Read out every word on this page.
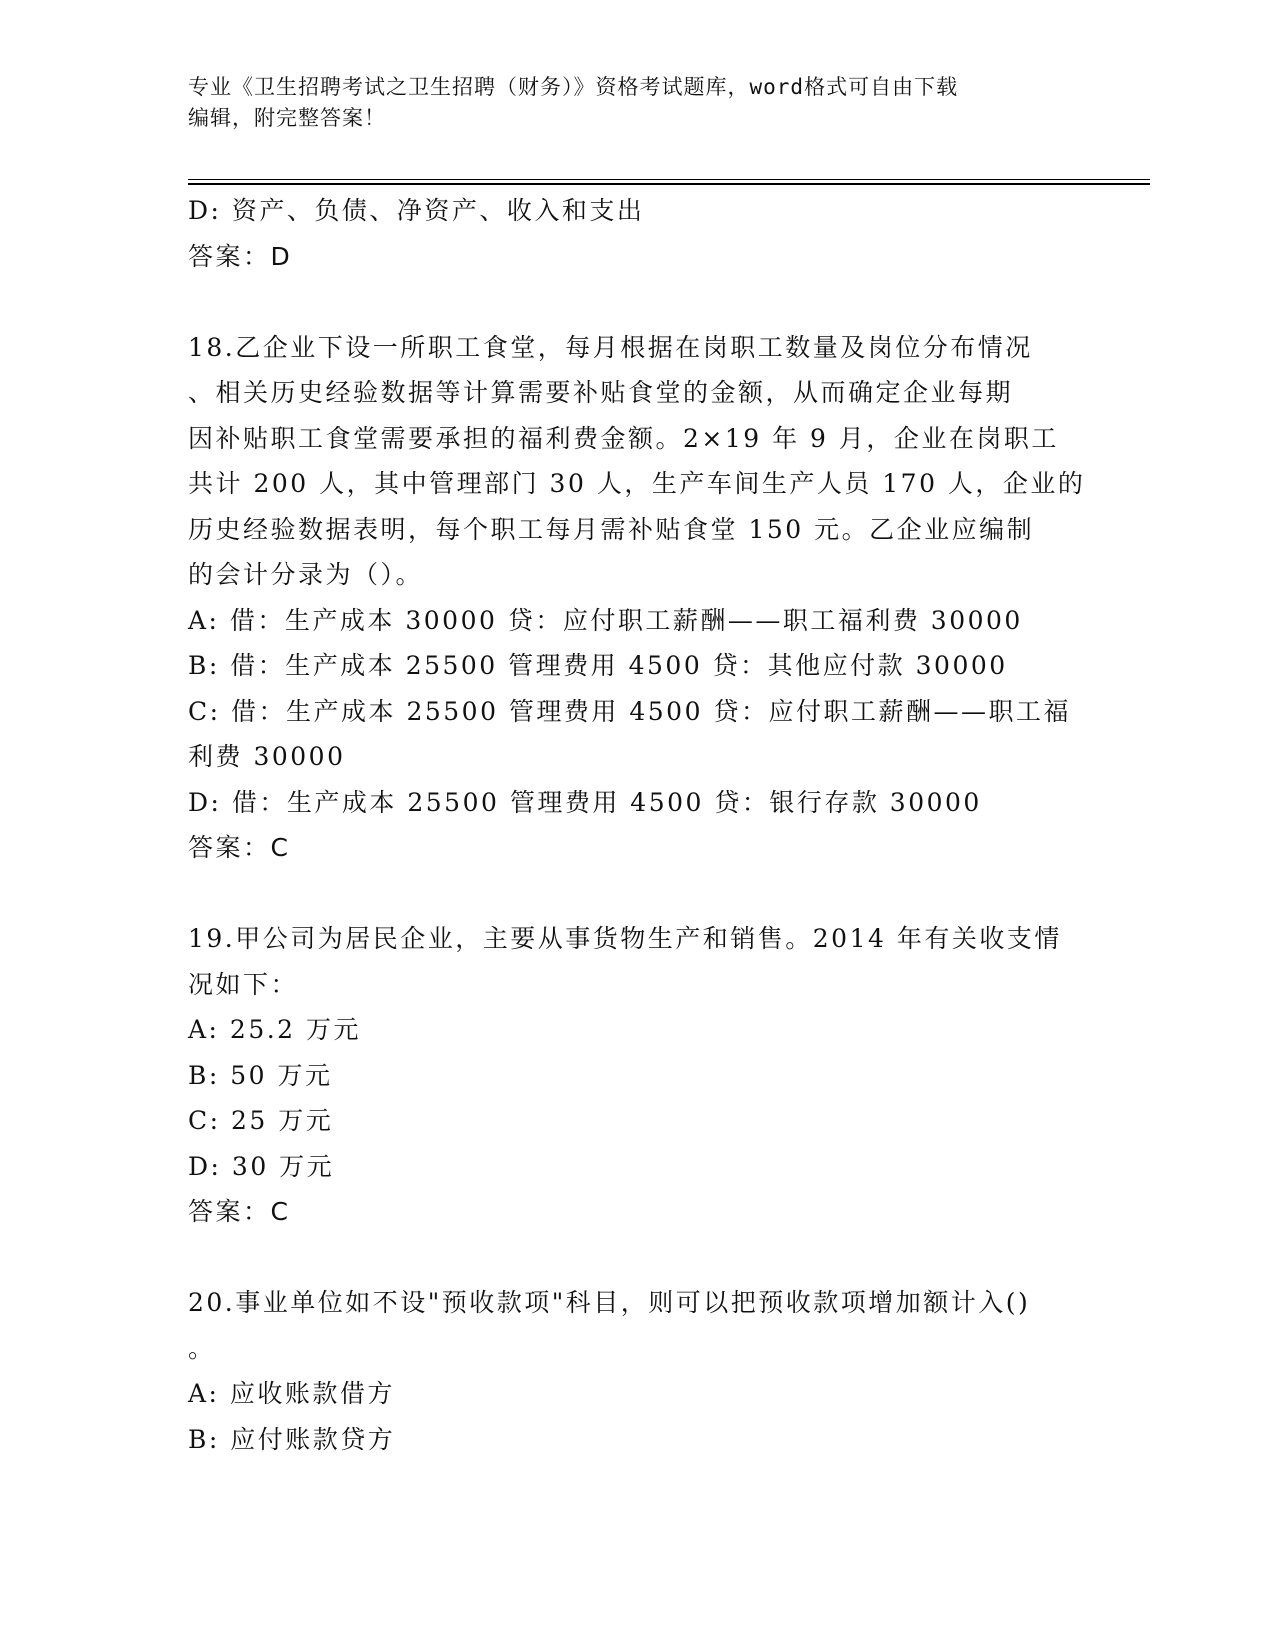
专业《卫生招聘考试之卫生招聘（财务）》资格考试题库，word格式可自由下载
编辑，附完整答案！
D: 资产、负债、净资产、收入和支出
答案：D
18.乙企业下设一所职工食堂，每月根据在岗职工数量及岗位分布情况
、相关历史经验数据等计算需要补贴食堂的金额，从而确定企业每期
因补贴职工食堂需要承担的福利费金额。2×19 年 9 月，企业在岗职工
共计 200 人，其中管理部门 30 人，生产车间生产人员 170 人，企业的
历史经验数据表明，每个职工每月需补贴食堂 150 元。乙企业应编制
的会计分录为（）。
A: 借：生产成本 30000 贷：应付职工薪酬——职工福利费 30000
B: 借：生产成本 25500 管理费用 4500 贷：其他应付款 30000
C: 借：生产成本 25500 管理费用 4500 贷：应付职工薪酬——职工福
利费 30000
D: 借：生产成本 25500 管理费用 4500 贷：银行存款 30000
答案：C
19.甲公司为居民企业，主要从事货物生产和销售。2014 年有关收支情
况如下：
A: 25.2 万元
B: 50 万元
C: 25 万元
D: 30 万元
答案：C
20.事业单位如不设"预收款项"科目，则可以把预收款项增加额计入()
。
A: 应收账款借方
B: 应付账款贷方
